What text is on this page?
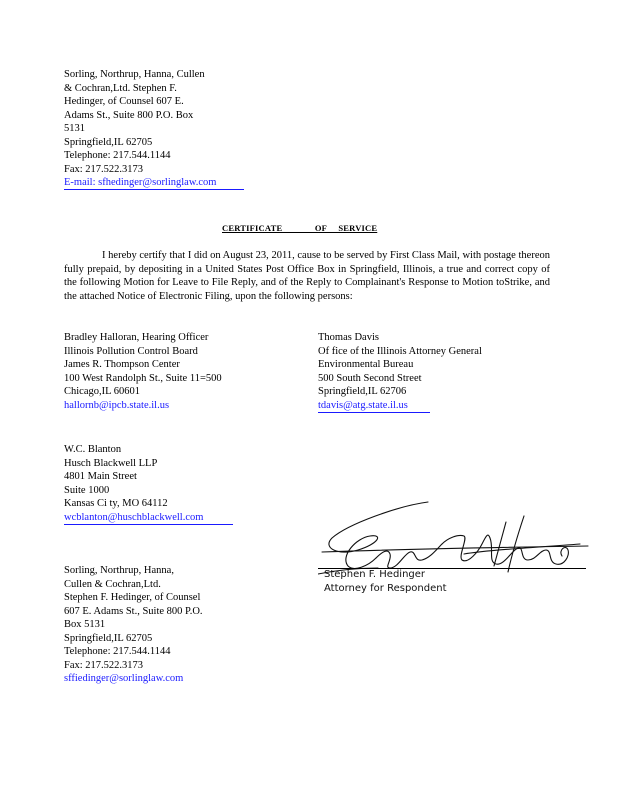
Sorling, Northrup, Hanna, Cullen
& Cochran,Ltd. Stephen F.
Hedinger, of Counsel 607 E.
Adams St., Suite 800 P.O. Box
5131
Springfield,IL 62705
Telephone: 217.544.1144
Fax: 217.522.3173
E-mail: sfhedinger@sorlinglaw.com
CERTIFICATE              OF     SERVICE
I hereby certify that I did on August 23, 2011, cause to be served by First Class Mail, with postage thereon fully prepaid, by depositing in a United States Post Office Box in Springfield, Illinois, a true and correct copy of the following Motion for Leave to File Reply, and of the Reply to Complainant's Response to Motion toStrike, and the attached Notice of Electronic Filing, upon the following persons:
Bradley Halloran, Hearing Officer
Illinois Pollution Control Board
James R. Thompson Center
100 West Randolph St., Suite 11=500
Chicago,IL 60601
hallornb@ipcb.state.il.us
Thomas Davis
Of fice of the Illinois Attorney General
Environmental Bureau
500 South Second Street
Springfield,IL 62706
tdavis@atg.state.il.us
W.C. Blanton
Husch Blackwell LLP
4801 Main Street
Suite 1000
Kansas Ci ty, MO 64112
wcblanton@huschblackwell.com
Stephen F. Hedinger
Attorney for Respondent
Sorling, Northrup, Hanna,
Cullen & Cochran,Ltd.
Stephen F. Hedinger, of Counsel
607 E. Adams St., Suite 800 P.O.
Box 5131
Springfield,IL 62705
Telephone: 217.544.1144
Fax: 217.522.3173
sffiedinger@sorlinglaw.com
